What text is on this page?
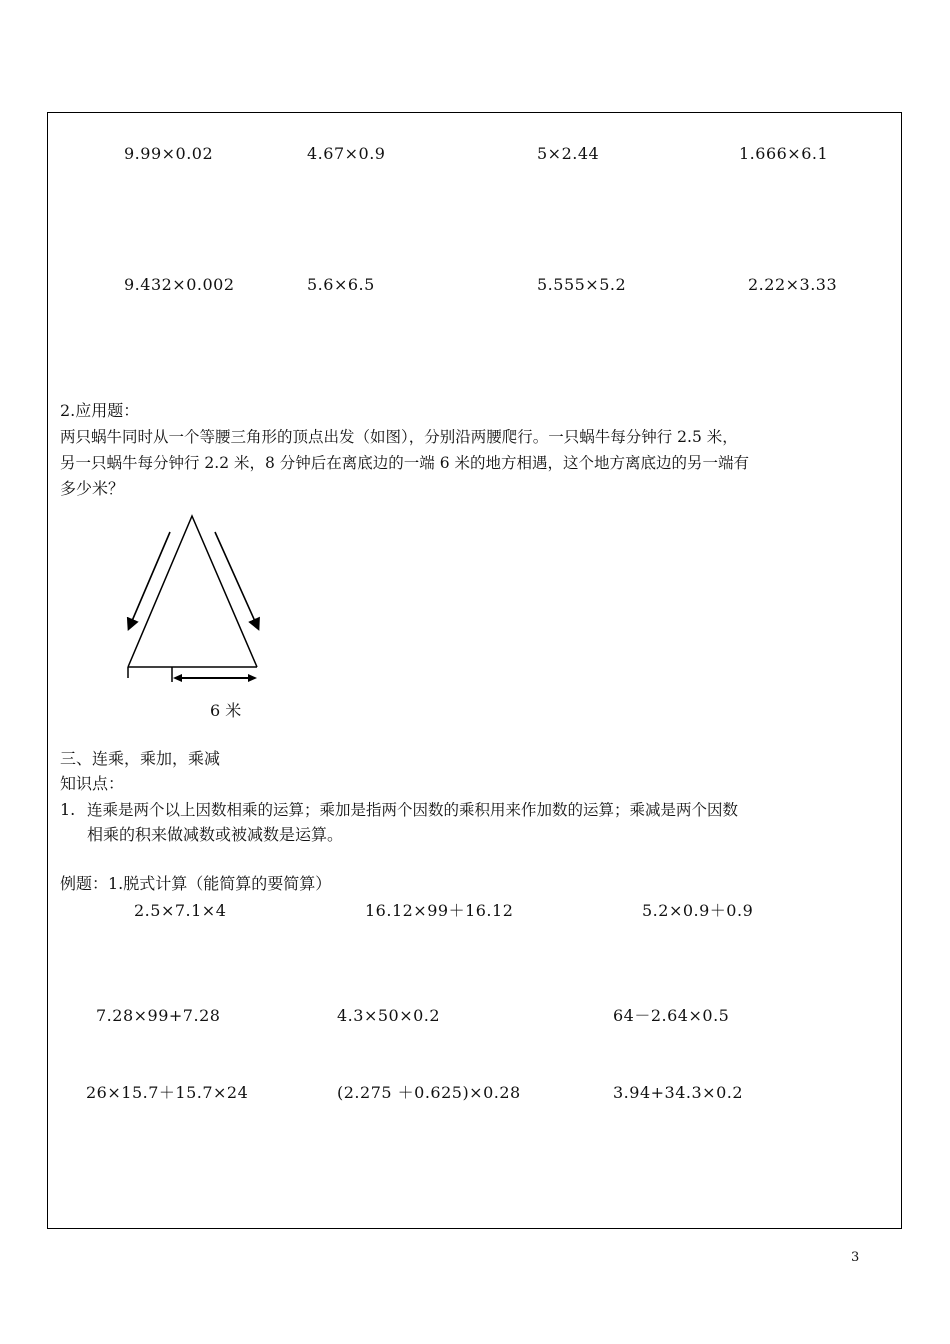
9.99×0.02	4.67×0.9	5×2.44	1.666×6.1
9.432×0.002	5.6×6.5	5.555×5.2	2.22×3.33
2.应用题：
两只蜗牛同时从一个等腰三角形的顶点出发（如图），分别沿两腰爬行。一只蜗牛每分钟行 2.5 米，
另一只蜗牛每分钟行 2.2 米，8 分钟后在离底边的一端 6 米的地方相遇，这个地方离底边的另一端有
多少米？
6 米
三、连乘，乘加，乘减
知识点：
1. 连乘是两个以上因数相乘的运算；乘加是指两个因数的乘积用来作加数的运算；乘减是两个因数
相乘的积来做减数或被减数是运算。
例题：1.脱式计算（能简算的要简算）
2.5×7.1×4	16.12×99＋16.12	5.2×0.9＋0.9
7.28×99+7.28	4.3×50×0.2	64－2.64×0.5
26×15.7＋15.7×24	(2.275 ＋0.625)×0.28	3.94+34.3×0.2
3
